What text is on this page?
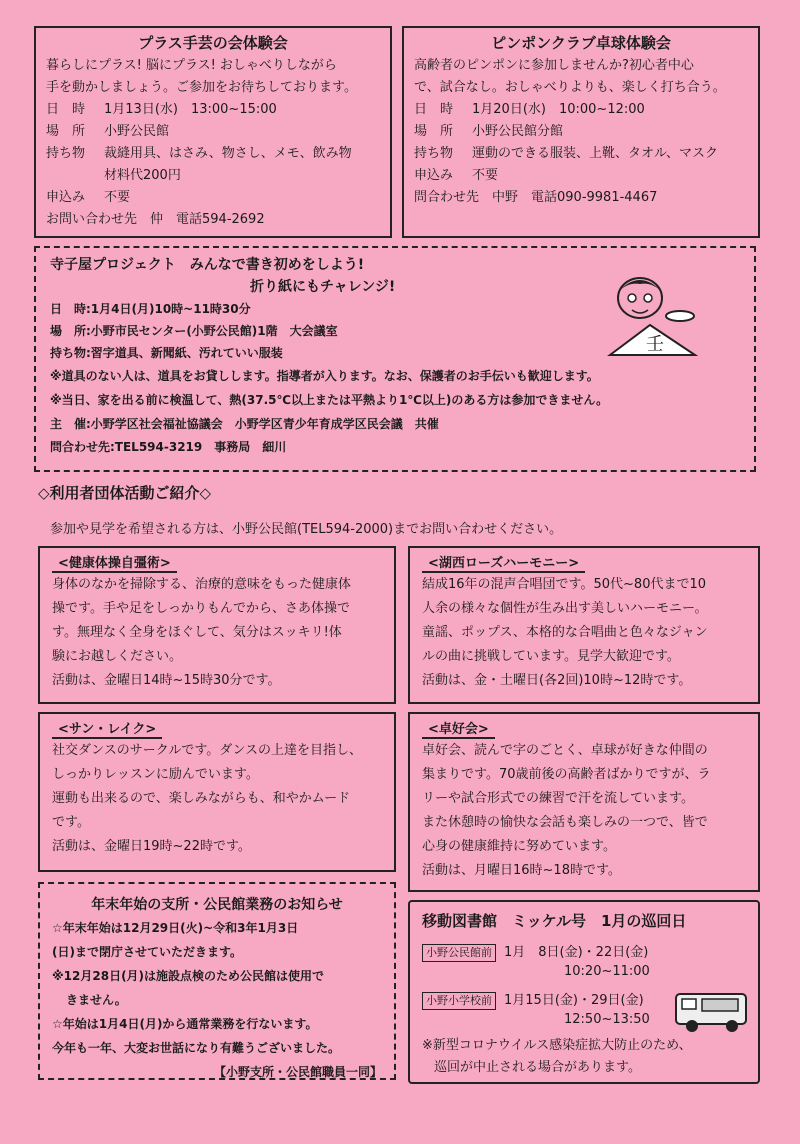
プラス手芸の会体験会
暮らしにプラス! 脳にプラス! おしゃべりしながら
手を動かしましょう。ご参加をお待ちしております。
日　時 1月13日(水)　13:00~15:00
場　所 小野公民館
持ち物 裁縫用具、はさみ、物さし、メモ、飲み物
材料代200円
申込み 不要
お問い合わせ先　仲　電話594-2692
ピンポンクラブ卓球体験会
高齢者のピンポンに参加しませんか?初心者中心
で、試合なし。おしゃべりよりも、楽しく打ち合う。
日　時 1月20日(水)　10:00~12:00
場　所 小野公民館分館
持ち物 運動のできる服装、上靴、タオル、マスク
申込み 不要
問合わせ先　中野　電話090-9981-4467
寺子屋プロジェクト　みんなで書き初めをしよう!
折り紙にもチャレンジ!
日　時:1月4日(月)10時~11時30分
場　所:小野市民センター(小野公民館)1階　大会議室
持ち物:習字道具、新聞紙、汚れていい服装
※道具のない人は、道具をお貸しします。指導者が入ります。なお、保護者のお手伝いも歓迎します。
※当日、家を出る前に検温して、熱(37.5℃以上または平熱より1℃以上)のある方は参加できません。
主　催:小野学区社会福祉協議会　小野学区青少年育成学区民会議　共催
問合わせ先:TEL594-3219　事務局　細川
壬
◇利用者団体活動ご紹介◇
参加や見学を希望される方は、小野公民館(TEL594-2000)までお問い合わせください。
<健康体操自彊術>
身体のなかを掃除する、治療的意味をもった健康体
操です。手や足をしっかりもんでから、さあ体操で
す。無理なく全身をほぐして、気分はスッキリ!体
験にお越しください。
活動は、金曜日14時~15時30分です。
<湖西ローズハーモニー>
結成16年の混声合唱団です。50代~80代まで10
人余の様々な個性が生み出す美しいハーモニー。
童謡、ポップス、本格的な合唱曲と色々なジャン
ルの曲に挑戦しています。見学大歓迎です。
活動は、金・土曜日(各2回)10時~12時です。
<サン・レイク>
社交ダンスのサークルです。ダンスの上達を目指し、
しっかりレッスンに励んでいます。
運動も出来るので、楽しみながらも、和やかムード
です。
活動は、金曜日19時~22時です。
<卓好会>
卓好会、読んで字のごとく、卓球が好きな仲間の
集まりです。70歳前後の高齢者ばかりですが、ラ
リーや試合形式での練習で汗を流しています。
また休憩時の愉快な会話も楽しみの一つで、皆で
心身の健康維持に努めています。
活動は、月曜日16時~18時です。
年末年始の支所・公民館業務のお知らせ
☆年末年始は12月29日(火)~令和3年1月3日
(日)まで閉庁させていただきます。
※12月28日(月)は施設点検のため公民館は使用で
きません。
☆年始は1月4日(月)から通常業務を行ないます。
今年も一年、大変お世話になり有難うございました。
【小野支所・公民館職員一同】
移動図書館　ミッケル号　1月の巡回日
小野公民館前 1月　8日(金)・22日(金)
10:20~11:00
小野小学校前 1月15日(金)・29日(金)
12:50~13:50
※新型コロナウイルス感染症拡大防止のため、
巡回が中止される場合があります。
